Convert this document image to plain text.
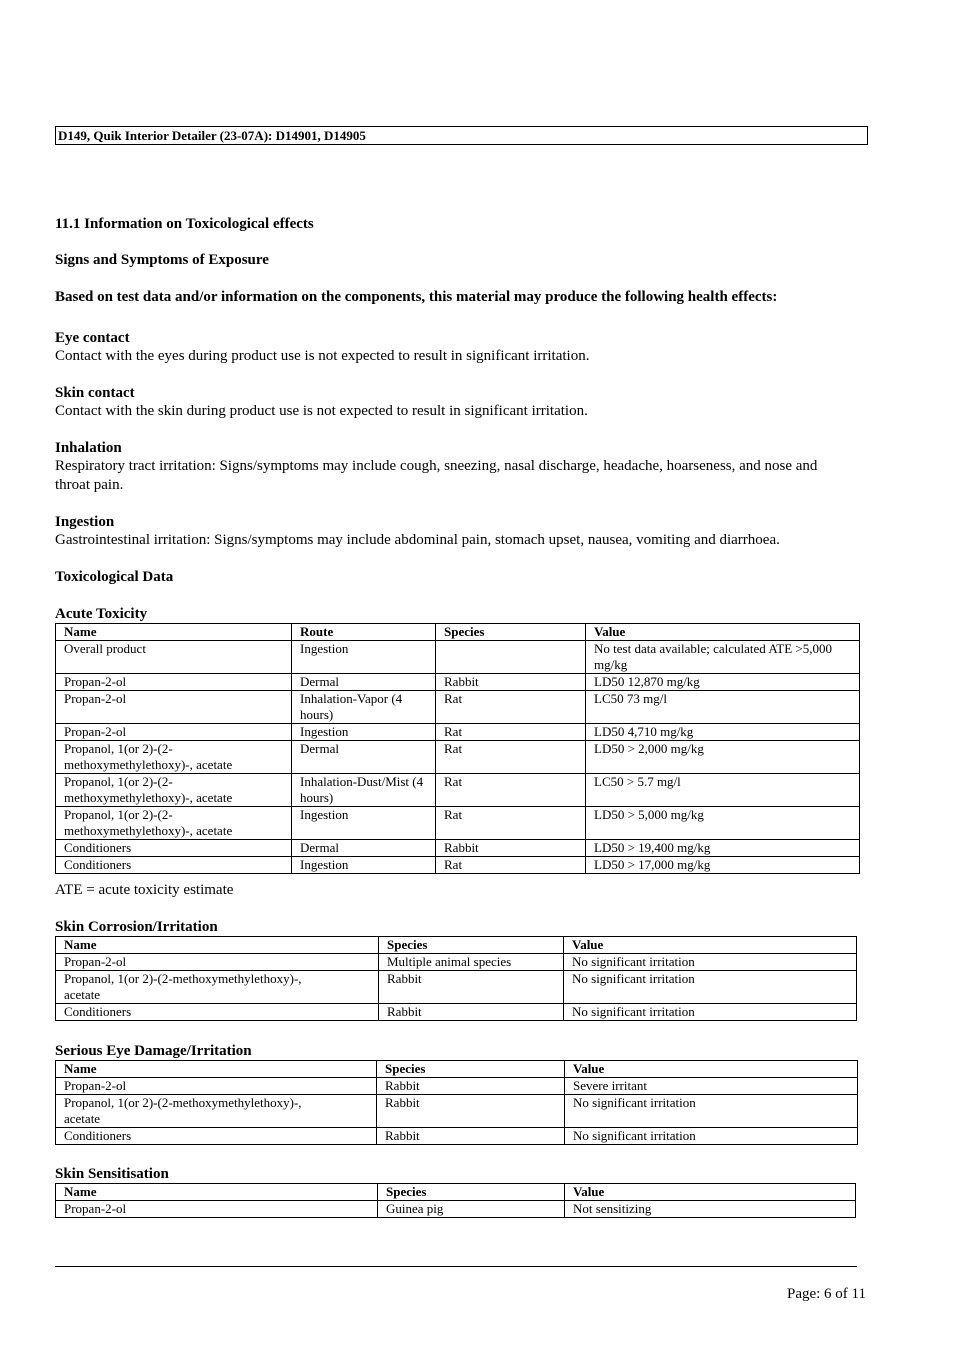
D149, Quik Interior Detailer (23-07A): D14901, D14905
11.1 Information on Toxicological effects
Signs and Symptoms of Exposure
Based on test data and/or information on the components, this material may produce the following health effects:
Eye contact
Contact with the eyes during product use is not expected to result in significant irritation.
Skin contact
Contact with the skin during product use is not expected to result in significant irritation.
Inhalation
Respiratory tract irritation: Signs/symptoms may include cough, sneezing, nasal discharge, headache, hoarseness, and nose and throat pain.
Ingestion
Gastrointestinal irritation: Signs/symptoms may include abdominal pain, stomach upset, nausea, vomiting and diarrhoea.
Toxicological Data
Acute Toxicity
Name	Route	Species	Value
Overall product	Ingestion		No test data available; calculated ATE >5,000 mg/kg
Propan-2-ol	Dermal	Rabbit	LD50 12,870 mg/kg
Propan-2-ol	Inhalation-Vapor (4 hours)	Rat	LC50 73 mg/l
Propan-2-ol	Ingestion	Rat	LD50 4,710 mg/kg
Propanol, 1(or 2)-(2-methoxymethylethoxy)-, acetate	Dermal	Rat	LD50 > 2,000 mg/kg
Propanol, 1(or 2)-(2-methoxymethylethoxy)-, acetate	Inhalation-Dust/Mist (4 hours)	Rat	LC50 > 5.7 mg/l
Propanol, 1(or 2)-(2-methoxymethylethoxy)-, acetate	Ingestion	Rat	LD50 > 5,000 mg/kg
Conditioners	Dermal	Rabbit	LD50 > 19,400 mg/kg
Conditioners	Ingestion	Rat	LD50 > 17,000 mg/kg
ATE = acute toxicity estimate
Skin Corrosion/Irritation
Name	Species	Value
Propan-2-ol	Multiple animal species	No significant irritation
Propanol, 1(or 2)-(2-methoxymethylethoxy)-, acetate	Rabbit	No significant irritation
Conditioners	Rabbit	No significant irritation
Serious Eye Damage/Irritation
Name	Species	Value
Propan-2-ol	Rabbit	Severe irritant
Propanol, 1(or 2)-(2-methoxymethylethoxy)-, acetate	Rabbit	No significant irritation
Conditioners	Rabbit	No significant irritation
Skin Sensitisation
Name	Species	Value
Propan-2-ol	Guinea pig	Not sensitizing
Page: 6 of 11
